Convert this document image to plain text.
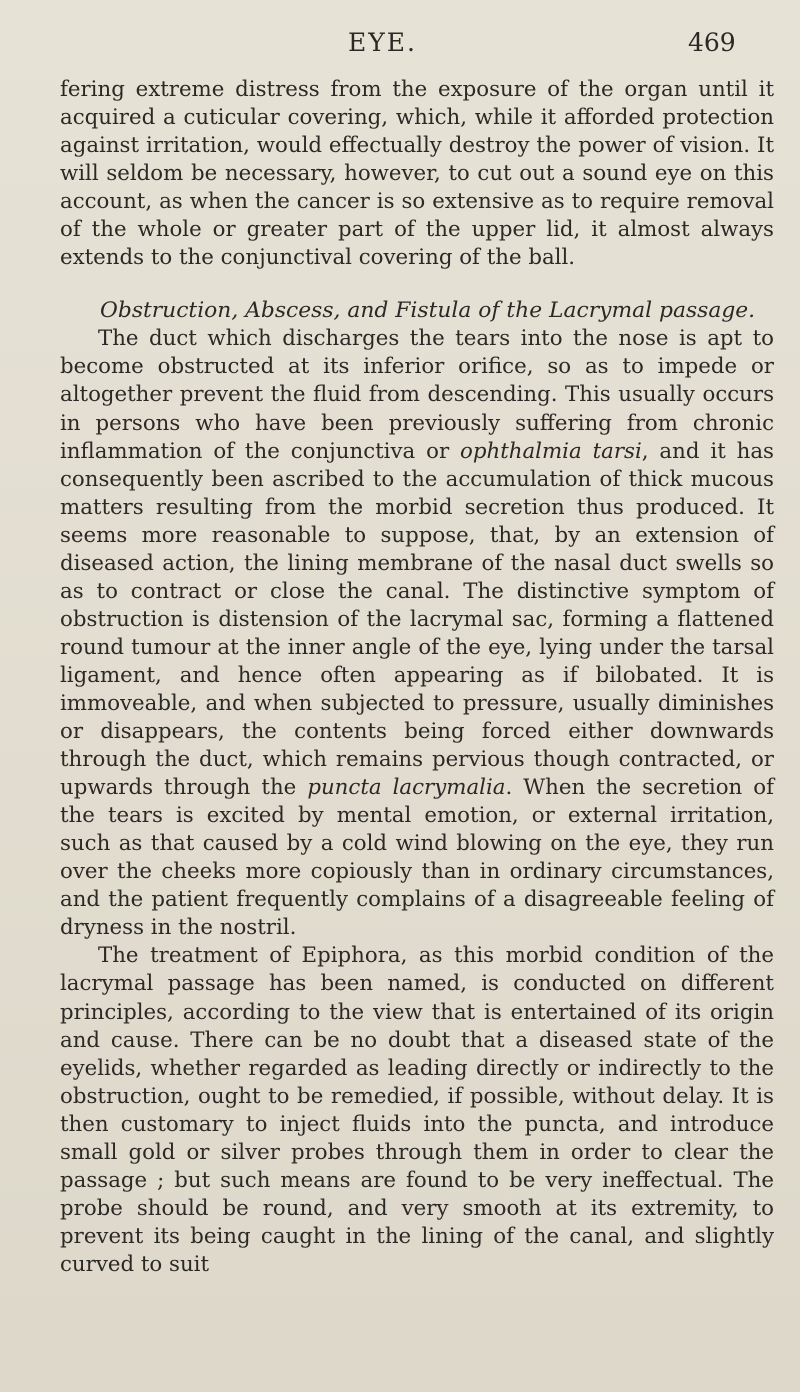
EYE.	469

fering extreme distress from the exposure of the organ until it acquired a cuticular covering, which, while it afforded protection against irritation, would effectually destroy the power of vision. It will seldom be necessary, however, to cut out a sound eye on this account, as when the cancer is so extensive as to require removal of the whole or greater part of the upper lid, it almost always extends to the conjunctival covering of the ball.

Obstruction, Abscess, and Fistula of the Lacrymal passage.

The duct which discharges the tears into the nose is apt to become obstructed at its inferior orifice, so as to impede or altogether prevent the fluid from descending. This usually occurs in persons who have been previously suffering from chronic inflammation of the conjunctiva or ophthalmia tarsi, and it has consequently been ascribed to the accumulation of thick mucous matters resulting from the morbid secretion thus produced. It seems more reasonable to suppose, that, by an extension of diseased action, the lining membrane of the nasal duct swells so as to contract or close the canal. The distinctive symptom of obstruction is distension of the lacrymal sac, forming a flattened round tumour at the inner angle of the eye, lying under the tarsal ligament, and hence often appearing as if bilobated. It is immoveable, and when subjected to pressure, usually diminishes or disappears, the contents being forced either downwards through the duct, which remains pervious though contracted, or upwards through the puncta lacrymalia. When the secretion of the tears is excited by mental emotion, or external irritation, such as that caused by a cold wind blowing on the eye, they run over the cheeks more copiously than in ordinary circumstances, and the patient frequently complains of a disagreeable feeling of dryness in the nostril.

The treatment of Epiphora, as this morbid condition of the lacrymal passage has been named, is conducted on different principles, according to the view that is entertained of its origin and cause. There can be no doubt that a diseased state of the eyelids, whether regarded as leading directly or indirectly to the obstruction, ought to be remedied, if possible, without delay. It is then customary to inject fluids into the puncta, and introduce small gold or silver probes through them in order to clear the passage ; but such means are found to be very ineffectual. The probe should be round, and very smooth at its extremity, to prevent its being caught in the lining of the canal, and slightly curved to suit
